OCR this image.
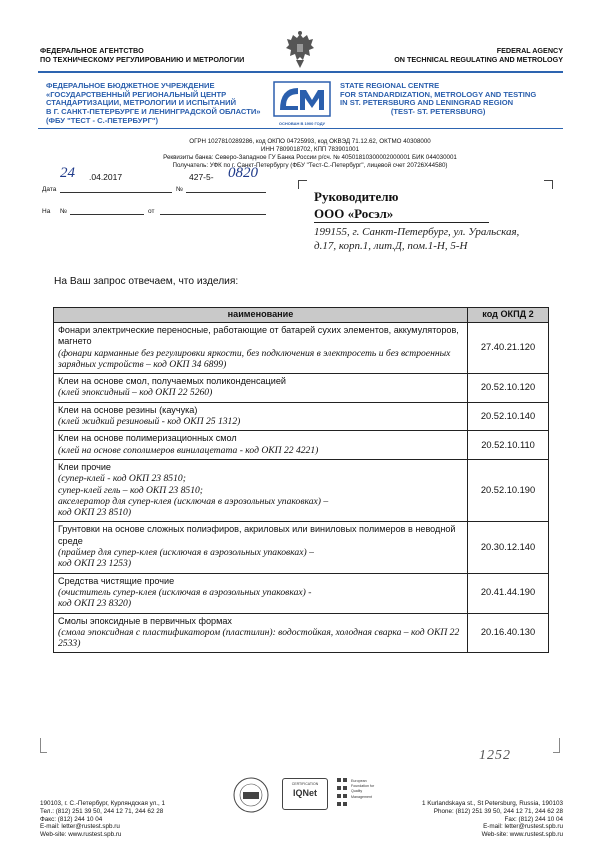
ФЕДЕРАЛЬНОЕ АГЕНТСТВО
ПО ТЕХНИЧЕСКОМУ РЕГУЛИРОВАНИЮ И МЕТРОЛОГИИ
FEDERAL AGENCY
ON TECHNICAL REGULATING AND METROLOGY
ФЕДЕРАЛЬНОЕ БЮДЖЕТНОЕ УЧРЕЖДЕНИЕ
«ГОСУДАРСТВЕННЫЙ РЕГИОНАЛЬНЫЙ ЦЕНТР
СТАНДАРТИЗАЦИИ, МЕТРОЛОГИИ И ИСПЫТАНИЙ
В Г. САНКТ-ПЕТЕРБУРГЕ И ЛЕНИНГРАДСКОЙ ОБЛАСТИ»
(ФБУ "ТЕСТ - С.-ПЕТЕРБУРГ")	ОСНОВАН В 1900 ГОДУ
STATE REGIONAL CENTRE
FOR STANDARDIZATION, METROLOGY AND TESTING
IN ST. PETERSBURG AND LENINGRAD REGION
(TEST- ST. PETERSBURG)
ОГРН 1027810289286, код ОКПО 04725993, код ОКВЭД 71.12.62, ОКТМО 40308000
ИНН 7809018702, КПП 783901001
Реквизиты банка: Северо-Западное ГУ Банка России р/сч. № 40501810300002000001 БИК 044030001
Получатель: УФК по г. Санкт-Петербургу (ФБУ "Тест-С.-Петербург", лицевой счет 20726X44580)
24 .04.2017	427-5- 0820
Дата	№
На №	от
Руководителю
ООО «Росэл»
199155, г. Санкт-Петербург, ул. Уральская,
д.17, корп.1, лит.Д, пом.1-Н, 5-Н
На Ваш запрос отвечаем, что изделия:
наименование	код ОКПД 2

Фонари электрические переносные, работающие от батарей сухих элементов, аккумуляторов, магнето
(фонари карманные без регулировки яркости, без подключения в электросеть и без встроенных зарядных устройств – код ОКП 34 6899)	27.40.21.120

Клеи на основе смол, получаемых поликонденсацией
(клей эпоксидный – код ОКП 22 5260)	20.52.10.120

Клеи на основе резины (каучука)
(клей жидкий резиновый - код ОКП 25 1312)	20.52.10.140

Клеи на основе полимеризационных смол
(клей на основе сополимеров винилацетата - код ОКП 22 4221)	20.52.10.110

Клеи прочие
(супер-клей - код ОКП 23 8510;
супер-клей гель – код ОКП 23 8510;
акселератор для супер-клея (исключая в аэрозольных упаковках) –
код ОКП 23 8510)	20.52.10.190

Грунтовки на основе сложных полиэфиров, акриловых или виниловых полимеров в неводной среде
(праймер для супер-клея (исключая в аэрозольных упаковках) –
код ОКП 23 1253)	20.30.12.140

Средства чистящие прочие
(очиститель супер-клея (исключая в аэрозольных упаковках) -
код ОКП 23 8320)	20.41.44.190

Смолы эпоксидные в первичных формах
(смола эпоксидная с пластификатором (пластилин): водостойкая, холодная сварка – код ОКП 22 2533)	20.16.40.130
1252
190103, г. С.-Петербург, Курляндская ул., 1
Тел.: (812) 251 39 50, 244 12 71, 244 62 28
Факс: (812) 244 10 04
E-mail: letter@rustest.spb.ru
Web-site: www.rustest.spb.ru
CERTIFICATION
IQNet
European
Foundation for
Quality
Management
1 Kurlandskaya st., St Petersburg, Russia, 190103
Phone: (812) 251 39 50, 244 12 71, 244 62 28
Fax: (812) 244 10 04
E-mail: letter@rustest.spb.ru
Web-site: www.rustest.spb.ru
